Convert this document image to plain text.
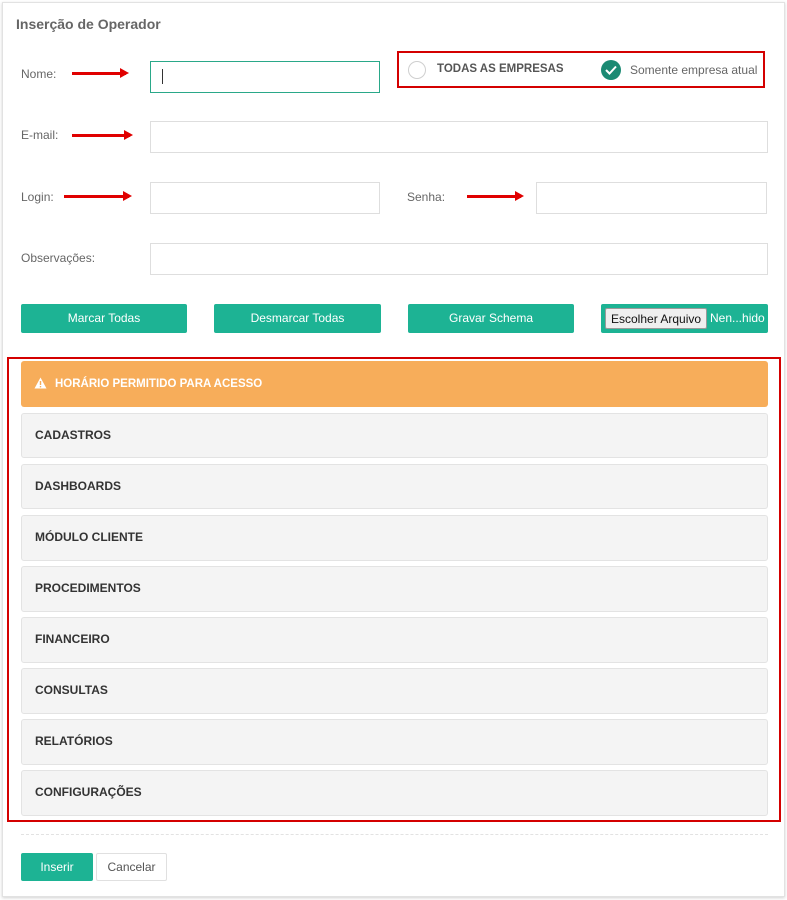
Inserção de Operador
Nome:	TODAS AS EMPRESAS	Somente empresa atual
E-mail:
Login:	Senha:
Observações:
Marcar Todas	Desmarcar Todas	Gravar Schema	Escolher Arquivo Nen...hido
HORÁRIO PERMITIDO PARA ACESSO
CADASTROS
DASHBOARDS
MÓDULO CLIENTE
PROCEDIMENTOS
FINANCEIRO
CONSULTAS
RELATÓRIOS
CONFIGURAÇÕES
Inserir	Cancelar
